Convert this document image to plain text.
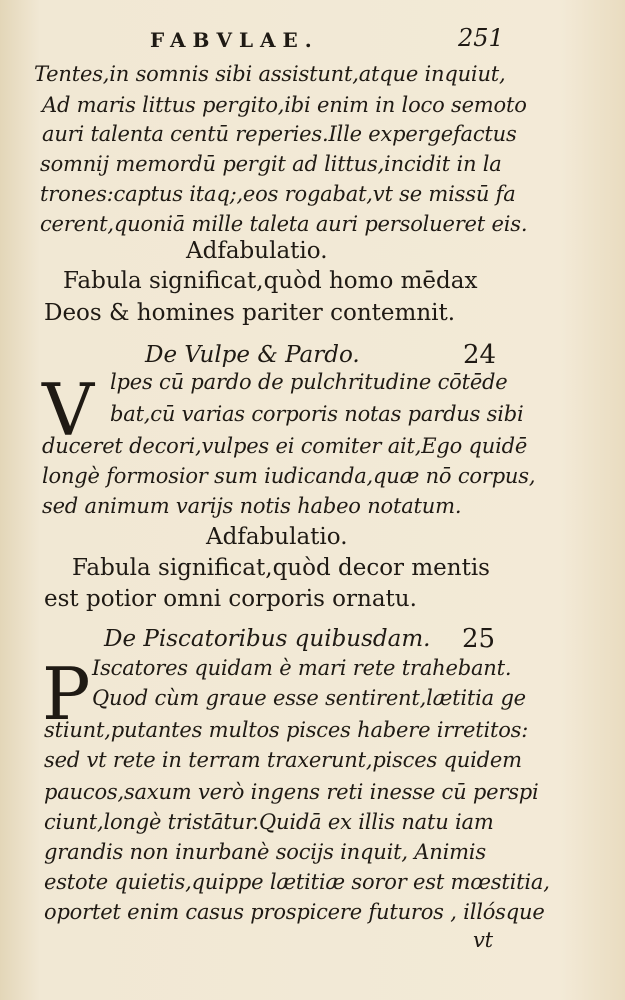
FABVLAE.	251
Tentes,in somnis sibi assistunt,atque inquiut,
Ad maris littus pergito,ibi enim in loco semoto
auri talenta centū reperies.Ille expergefactus
somnij memordū pergit ad littus,incidit in la
trones:captus itaq;,eos rogabat,vt se missū fa
cerent,quoniā mille taleta auri persolueret eis.
Adfabulatio.
Fabula significat,quòd homo mēdax
Deos & homines pariter contemnit.
De Vulpe & Pardo.	24
V lpes cū pardo de pulchritudine cōtēde
bat,cū varias corporis notas pardus sibi
duceret decori,vulpes ei comiter ait,Ego quidē
longè formosior sum iudicanda,quæ nō corpus,
sed animum varijs notis habeo notatum.
Adfabulatio.
Fabula significat,quòd decor mentis
est potior omni corporis ornatu.
De Piscatoribus quibusdam. 25
P Iscatores quidam è mari rete trahebant.
Quod cùm graue esse sentirent,lætitia ge
stiunt,putantes multos pisces habere irretitos:
sed vt rete in terram traxerunt,pisces quidem
paucos,saxum verò ingens reti inesse cū perspi
ciunt,longè tristātur.Quidā ex illis natu iam
grandis non inurbanè socijs inquit, Animis
estote quietis,quippe lætitiæ soror est mœstitia,
oportet enim casus prospicere futuros , illósque
vt
